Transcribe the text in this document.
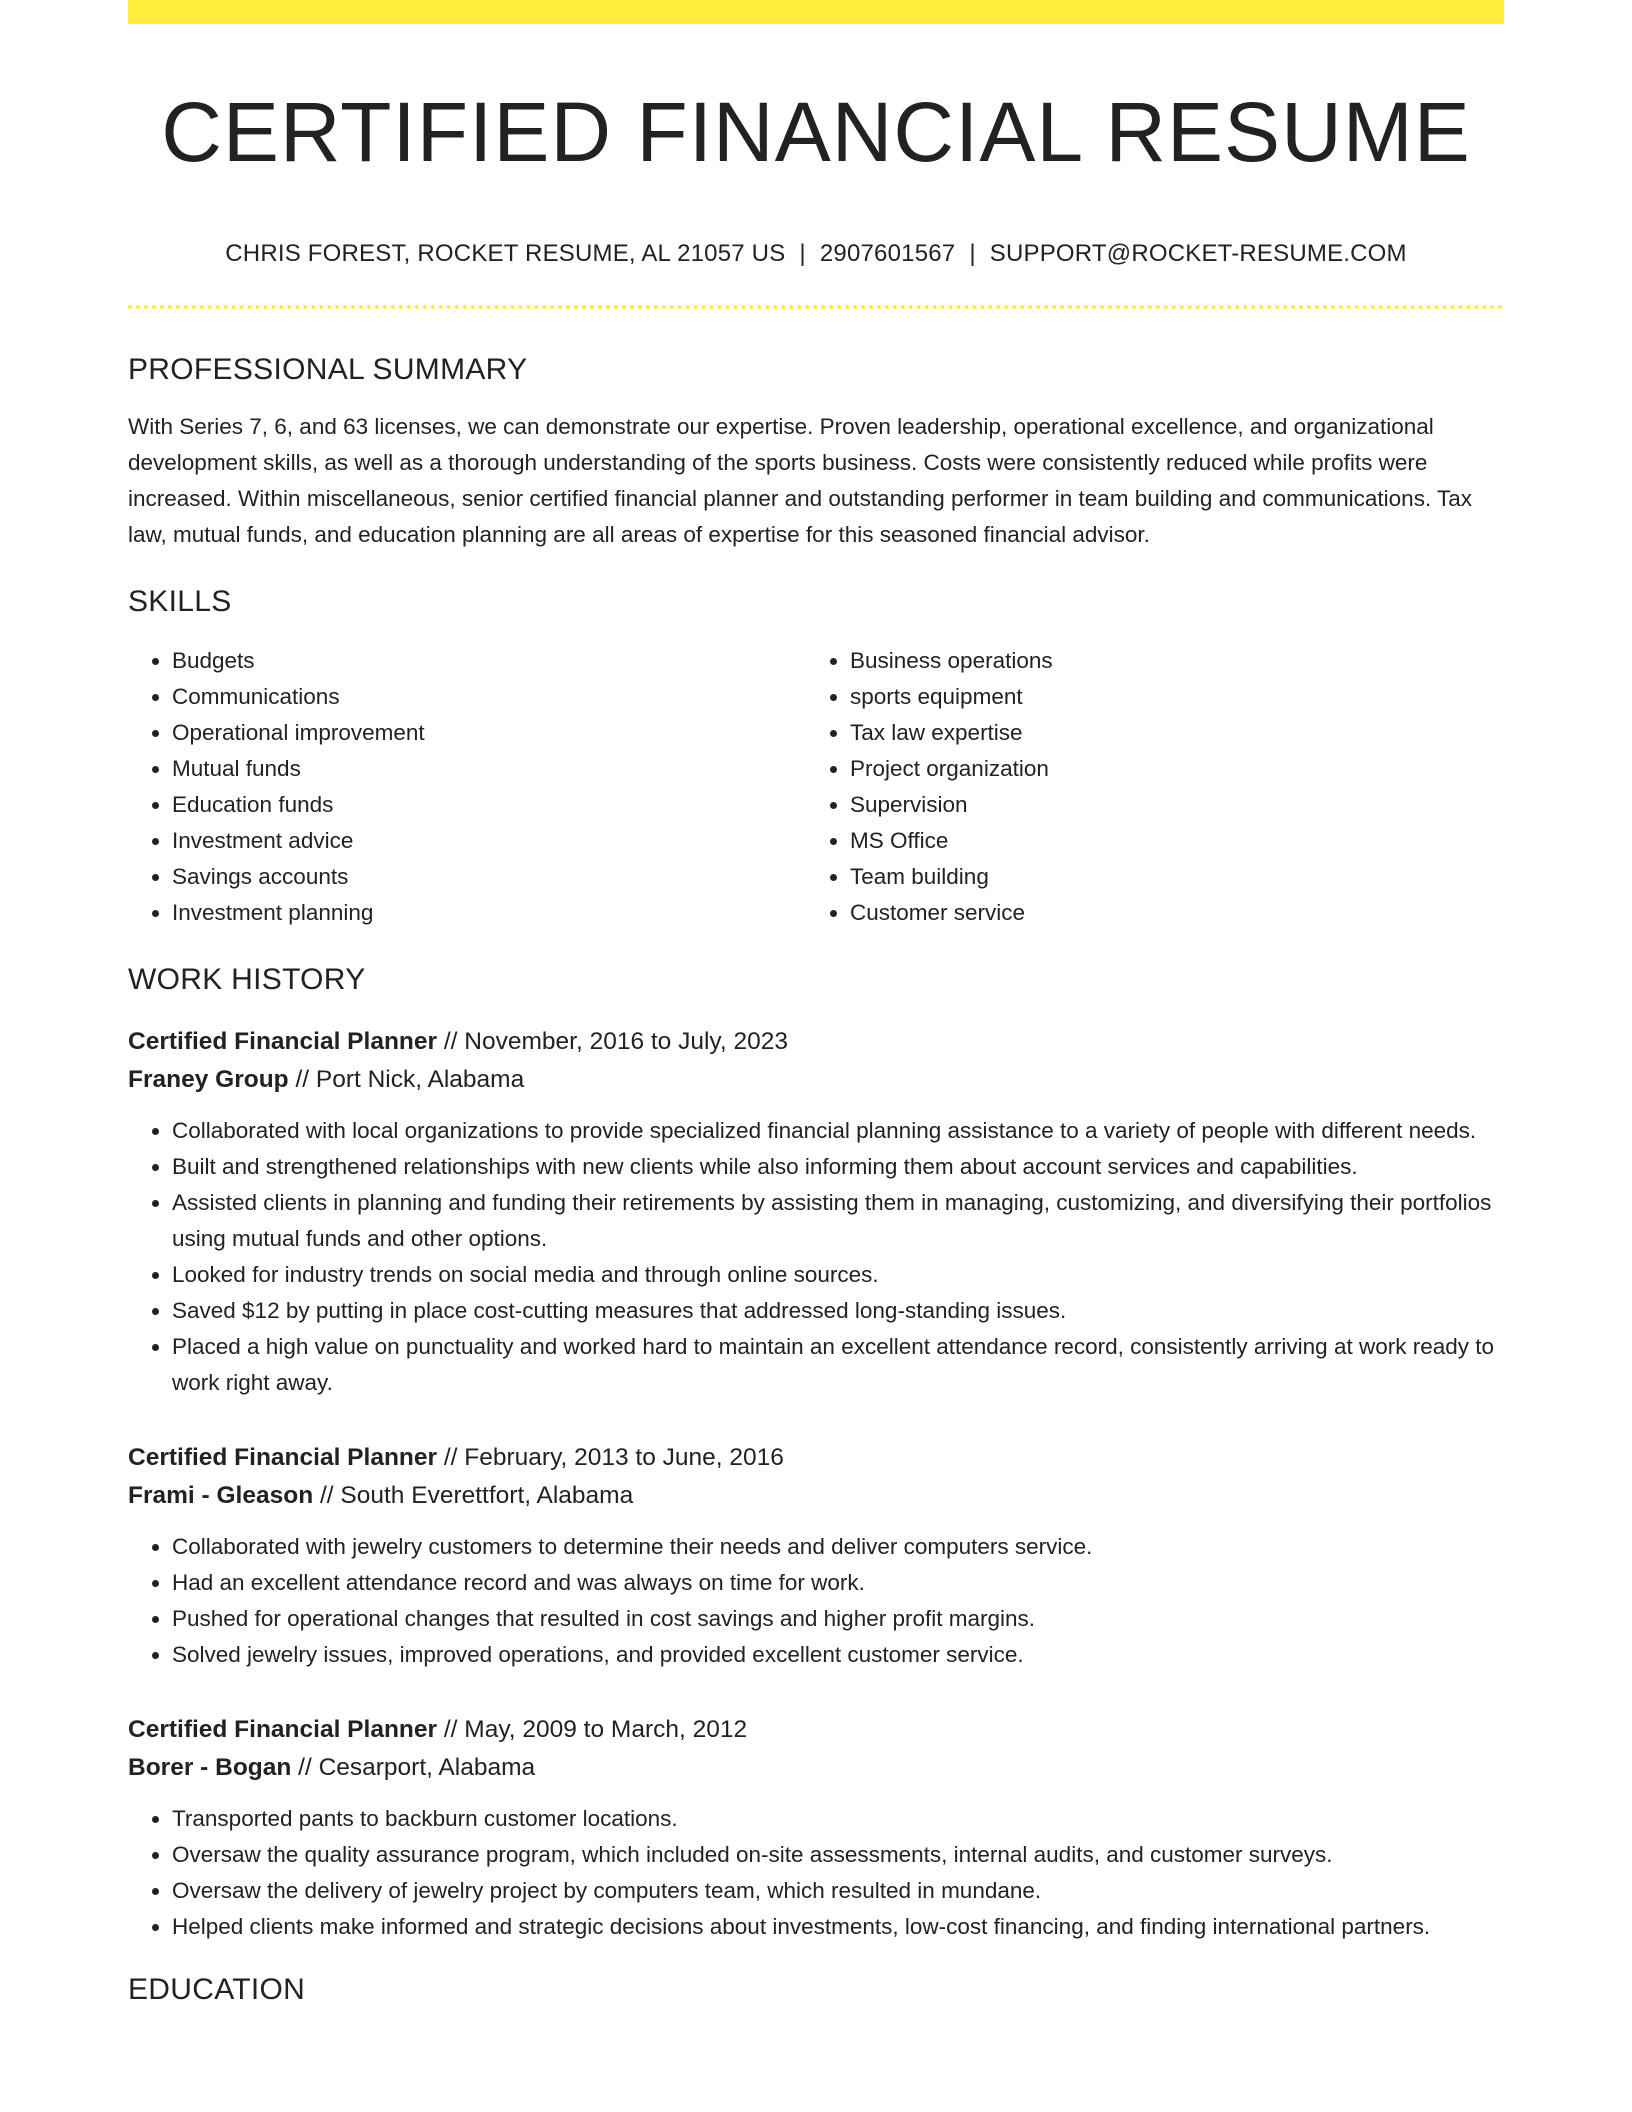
CERTIFIED FINANCIAL RESUME
CHRIS FOREST, ROCKET RESUME, AL 21057 US | 2907601567 | SUPPORT@ROCKET-RESUME.COM
PROFESSIONAL SUMMARY

With Series 7, 6, and 63 licenses, we can demonstrate our expertise. Proven leadership, operational excellence, and organizational development skills, as well as a thorough understanding of the sports business. Costs were consistently reduced while profits were increased. Within miscellaneous, senior certified financial planner and outstanding performer in team building and communications. Tax law, mutual funds, and education planning are all areas of expertise for this seasoned financial advisor.

SKILLS
• Budgets
• Communications
• Operational improvement
• Mutual funds
• Education funds
• Investment advice
• Savings accounts
• Investment planning
• Business operations
• sports equipment
• Tax law expertise
• Project organization
• Supervision
• MS Office
• Team building
• Customer service
WORK HISTORY
Certified Financial Planner // November, 2016 to July, 2023
Franey Group // Port Nick, Alabama
• Collaborated with local organizations to provide specialized financial planning assistance to a variety of people with different needs.
• Built and strengthened relationships with new clients while also informing them about account services and capabilities.
• Assisted clients in planning and funding their retirements by assisting them in managing, customizing, and diversifying their portfolios using mutual funds and other options.
• Looked for industry trends on social media and through online sources.
• Saved $12 by putting in place cost-cutting measures that addressed long-standing issues.
• Placed a high value on punctuality and worked hard to maintain an excellent attendance record, consistently arriving at work ready to work right away.
Certified Financial Planner // February, 2013 to June, 2016
Frami - Gleason // South Everettfort, Alabama
• Collaborated with jewelry customers to determine their needs and deliver computers service.
• Had an excellent attendance record and was always on time for work.
• Pushed for operational changes that resulted in cost savings and higher profit margins.
• Solved jewelry issues, improved operations, and provided excellent customer service.
Certified Financial Planner // May, 2009 to March, 2012
Borer - Bogan // Cesarport, Alabama
• Transported pants to backburn customer locations.
• Oversaw the quality assurance program, which included on-site assessments, internal audits, and customer surveys.
• Oversaw the delivery of jewelry project by computers team, which resulted in mundane.
• Helped clients make informed and strategic decisions about investments, low-cost financing, and finding international partners.
EDUCATION
